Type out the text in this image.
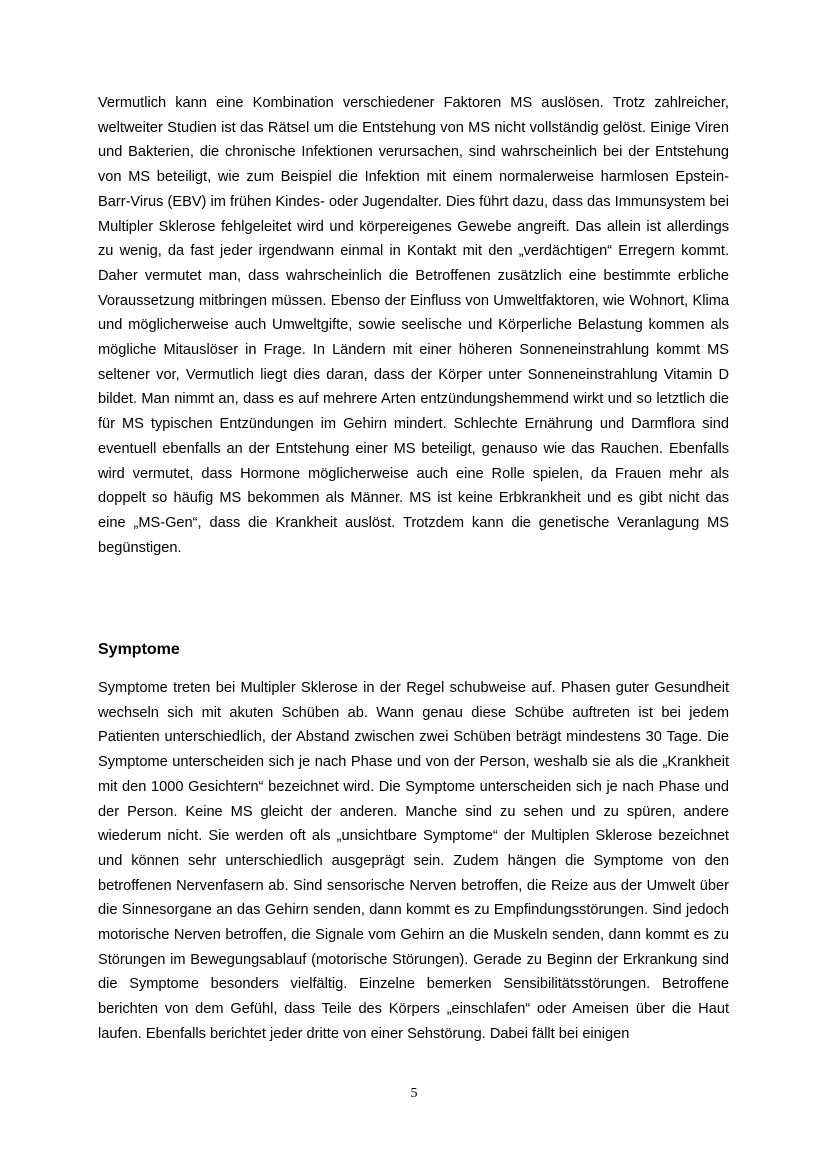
Vermutlich kann eine Kombination verschiedener Faktoren MS auslösen. Trotz zahlreicher, weltweiter Studien ist das Rätsel um die Entstehung von MS nicht vollständig gelöst. Einige Viren und Bakterien, die chronische Infektionen verursachen, sind wahrscheinlich bei der Entstehung von MS beteiligt, wie zum Beispiel die Infektion mit einem normalerweise harmlosen Epstein-Barr-Virus (EBV) im frühen Kindes- oder Jugendalter. Dies führt dazu, dass das Immunsystem bei Multipler Sklerose fehlgeleitet wird und körpereigenes Gewebe angreift. Das allein ist allerdings zu wenig, da fast jeder irgendwann einmal in Kontakt mit den „verdächtigen“ Erregern kommt. Daher vermutet man, dass wahrscheinlich die Betroffenen zusätzlich eine bestimmte erbliche Voraussetzung mitbringen müssen. Ebenso der Einfluss von Umweltfaktoren, wie Wohnort, Klima und möglicherweise auch Umweltgifte, sowie seelische und Körperliche Belastung kommen als mögliche Mitauslöser in Frage. In Ländern mit einer höheren Sonneneinstrahlung kommt MS seltener vor, Vermutlich liegt dies daran, dass der Körper unter Sonneneinstrahlung Vitamin D bildet. Man nimmt an, dass es auf mehrere Arten entzündungshemmend wirkt und so letztlich die für MS typischen Entzündungen im Gehirn mindert. Schlechte Ernährung und Darmflora sind eventuell ebenfalls an der Entstehung einer MS beteiligt, genauso wie das Rauchen. Ebenfalls wird vermutet, dass Hormone möglicherweise auch eine Rolle spielen, da Frauen mehr als doppelt so häufig MS bekommen als Männer. MS ist keine Erbkrankheit und es gibt nicht das eine „MS-Gen“, dass die Krankheit auslöst. Trotzdem kann die genetische Veranlagung MS begünstigen.

Symptome

Symptome treten bei Multipler Sklerose in der Regel schubweise auf. Phasen guter Gesundheit wechseln sich mit akuten Schüben ab. Wann genau diese Schübe auftreten ist bei jedem Patienten unterschiedlich, der Abstand zwischen zwei Schüben beträgt mindestens 30 Tage. Die Symptome unterscheiden sich je nach Phase und von der Person, weshalb sie als die „Krankheit mit den 1000 Gesichtern“ bezeichnet wird. Die Symptome unterscheiden sich je nach Phase und der Person. Keine MS gleicht der anderen. Manche sind zu sehen und zu spüren, andere wiederum nicht. Sie werden oft als „unsichtbare Symptome“ der Multiplen Sklerose bezeichnet und können sehr unterschiedlich ausgeprägt sein. Zudem hängen die Symptome von den betroffenen Nervenfasern ab. Sind sensorische Nerven betroffen, die Reize aus der Umwelt über die Sinnesorgane an das Gehirn senden, dann kommt es zu Empfindungsstörungen. Sind jedoch motorische Nerven betroffen, die Signale vom Gehirn an die Muskeln senden, dann kommt es zu Störungen im Bewegungsablauf (motorische Störungen). Gerade zu Beginn der Erkrankung sind die Symptome besonders vielfältig. Einzelne bemerken Sensibilitätsstörungen. Betroffene berichten von dem Gefühl, dass Teile des Körpers „einschlafen“ oder Ameisen über die Haut laufen. Ebenfalls berichtet jeder dritte von einer Sehstörung. Dabei fällt bei einigen

5
